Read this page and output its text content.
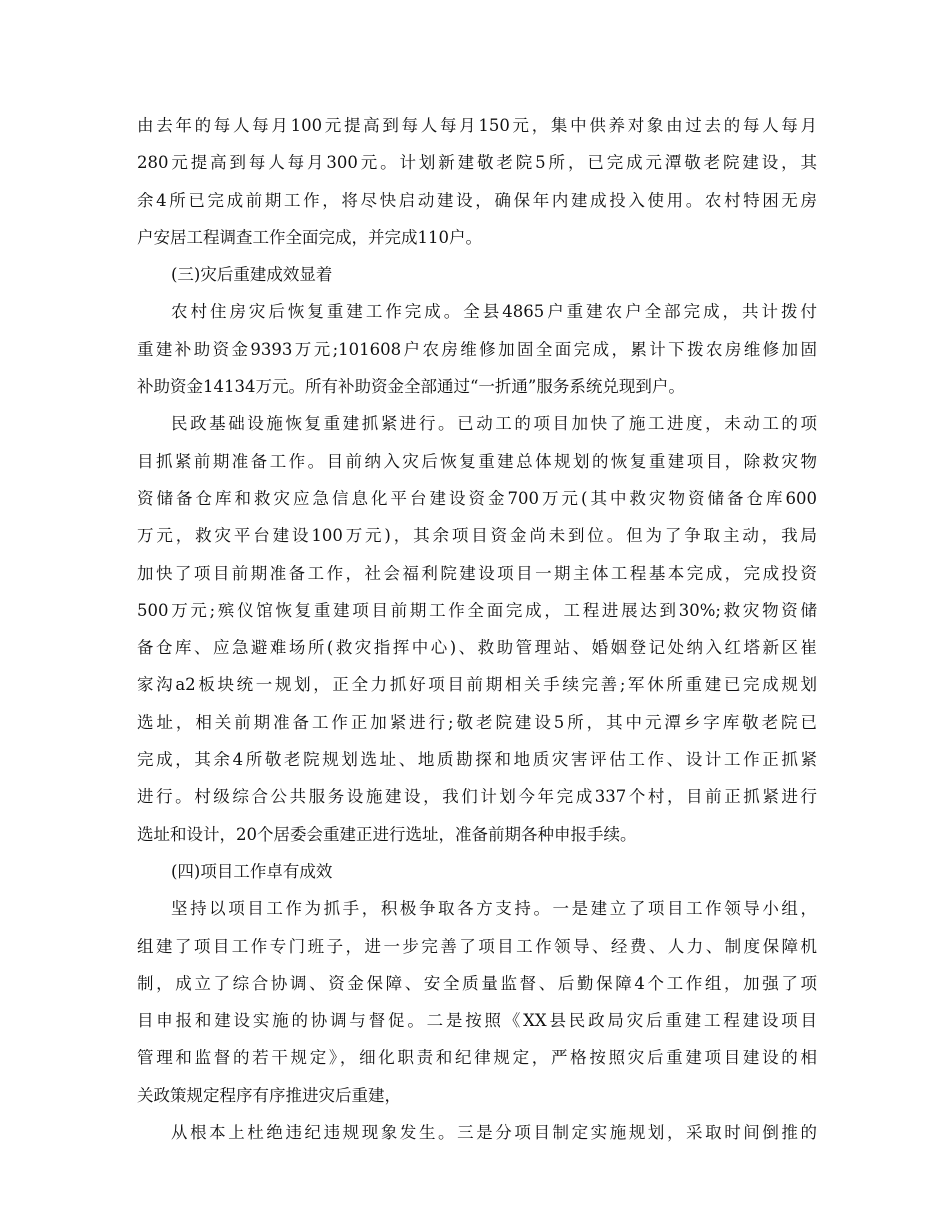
由去年的每人每月100元提高到每人每月150元，集中供养对象由过去的每人每月
280元提高到每人每月300元。计划新建敬老院5所，已完成元潭敬老院建设，其
余4所已完成前期工作，将尽快启动建设，确保年内建成投入使用。农村特困无房
户安居工程调查工作全面完成，并完成110户。
(三)灾后重建成效显着
农村住房灾后恢复重建工作完成。全县4865户重建农户全部完成，共计拨付
重建补助资金9393万元;101608户农房维修加固全面完成，累计下拨农房维修加固
补助资金14134万元。所有补助资金全部通过“一折通”服务系统兑现到户。
民政基础设施恢复重建抓紧进行。已动工的项目加快了施工进度，未动工的项
目抓紧前期准备工作。目前纳入灾后恢复重建总体规划的恢复重建项目，除救灾物
资储备仓库和救灾应急信息化平台建设资金700万元(其中救灾物资储备仓库600
万元，救灾平台建设100万元)，其余项目资金尚未到位。但为了争取主动，我局
加快了项目前期准备工作，社会福利院建设项目一期主体工程基本完成，完成投资
500万元;殡仪馆恢复重建项目前期工作全面完成，工程进展达到30%;救灾物资储
备仓库、应急避难场所(救灾指挥中心)、救助管理站、婚姻登记处纳入红塔新区崔
家沟a2板块统一规划，正全力抓好项目前期相关手续完善;军休所重建已完成规划
选址，相关前期准备工作正加紧进行;敬老院建设5所，其中元潭乡字库敬老院已
完成，其余4所敬老院规划选址、地质勘探和地质灾害评估工作、设计工作正抓紧
进行。村级综合公共服务设施建设，我们计划今年完成337个村，目前正抓紧进行
选址和设计，20个居委会重建正进行选址，准备前期各种申报手续。
(四)项目工作卓有成效
坚持以项目工作为抓手，积极争取各方支持。一是建立了项目工作领导小组，
组建了项目工作专门班子，进一步完善了项目工作领导、经费、人力、制度保障机
制，成立了综合协调、资金保障、安全质量监督、后勤保障4个工作组，加强了项
目申报和建设实施的协调与督促。二是按照《XX县民政局灾后重建工程建设项目
管理和监督的若干规定》，细化职责和纪律规定，严格按照灾后重建项目建设的相
关政策规定程序有序推进灾后重建，
从根本上杜绝违纪违规现象发生。三是分项目制定实施规划，采取时间倒推的
